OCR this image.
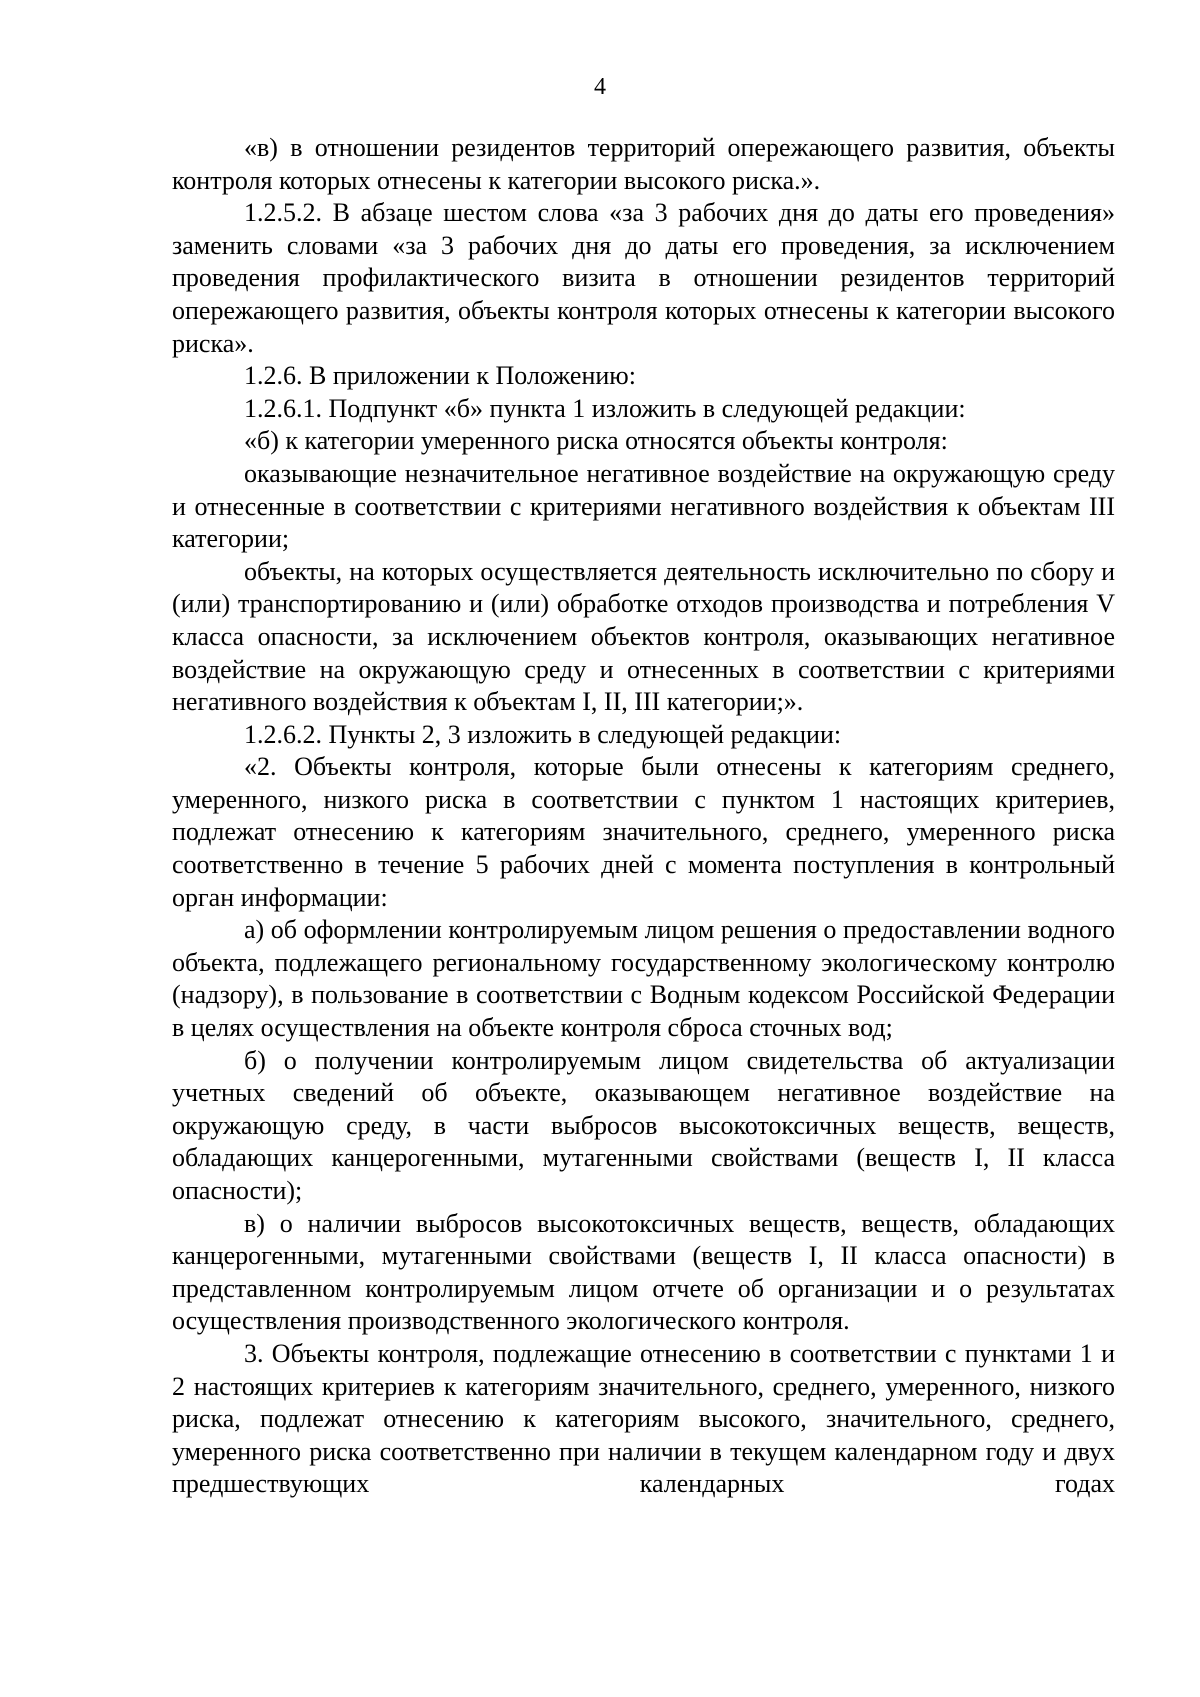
4

«в) в отношении резидентов территорий опережающего развития, объекты контроля которых отнесены к категории высокого риска.».

1.2.5.2. В абзаце шестом слова «за 3 рабочих дня до даты его проведения» заменить словами «за 3 рабочих дня до даты его проведения, за исключением проведения профилактического визита в отношении резидентов территорий опережающего развития, объекты контроля которых отнесены к категории высокого риска».

1.2.6. В приложении к Положению:

1.2.6.1. Подпункт «б» пункта 1 изложить в следующей редакции:

«б) к категории умеренного риска относятся объекты контроля:

оказывающие незначительное негативное воздействие на окружающую среду и отнесенные в соответствии с критериями негативного воздействия к объектам III категории;

объекты, на которых осуществляется деятельность исключительно по сбору и (или) транспортированию и (или) обработке отходов производства и потребления V класса опасности, за исключением объектов контроля, оказывающих негативное воздействие на окружающую среду и отнесенных в соответствии с критериями негативного воздействия к объектам I, II, III категории;».

1.2.6.2. Пункты 2, 3 изложить в следующей редакции:

«2. Объекты контроля, которые были отнесены к категориям среднего, умеренного, низкого риска в соответствии с пунктом 1 настоящих критериев, подлежат отнесению к категориям значительного, среднего, умеренного риска соответственно в течение 5 рабочих дней с момента поступления в контрольный орган информации:

а) об оформлении контролируемым лицом решения о предоставлении водного объекта, подлежащего региональному государственному экологическому контролю (надзору), в пользование в соответствии с Водным кодексом Российской Федерации в целях осуществления на объекте контроля сброса сточных вод;

б) о получении контролируемым лицом свидетельства об актуализации учетных сведений об объекте, оказывающем негативное воздействие на окружающую среду, в части выбросов высокотоксичных веществ, веществ, обладающих канцерогенными, мутагенными свойствами (веществ I, II класса опасности);

в) о наличии выбросов высокотоксичных веществ, веществ, обладающих канцерогенными, мутагенными свойствами (веществ I, II класса опасности) в представленном контролируемым лицом отчете об организации и о результатах осуществления производственного экологического контроля.

3. Объекты контроля, подлежащие отнесению в соответствии с пунктами 1 и 2 настоящих критериев к категориям значительного, среднего, умеренного, низкого риска, подлежат отнесению к категориям высокого, значительного, среднего, умеренного риска соответственно при наличии в текущем календарном году и двух предшествующих календарных годах
